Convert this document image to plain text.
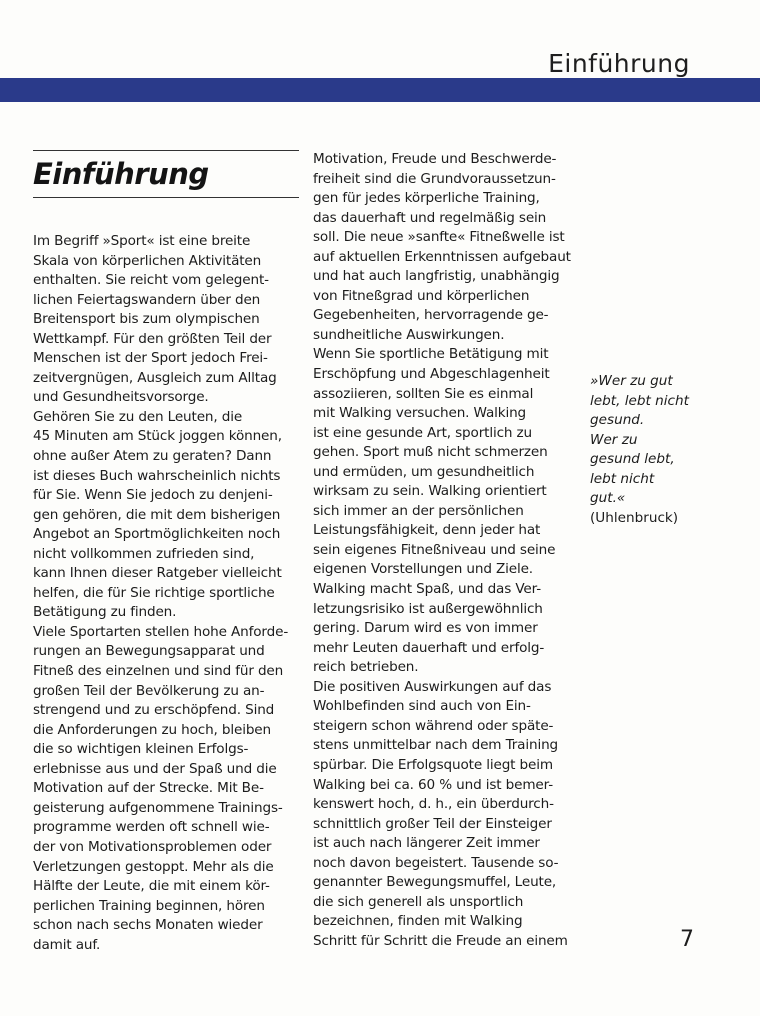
Einführung
Einführung
Im Begriff »Sport« ist eine breite
Skala von körperlichen Aktivitäten
enthalten. Sie reicht vom gelegent-
lichen Feiertagswandern über den
Breitensport bis zum olympischen
Wettkampf. Für den größten Teil der
Menschen ist der Sport jedoch Frei-
zeitvergnügen, Ausgleich zum Alltag
und Gesundheitsvorsorge.
Gehören Sie zu den Leuten, die
45 Minuten am Stück joggen können,
ohne außer Atem zu geraten? Dann
ist dieses Buch wahrscheinlich nichts
für Sie. Wenn Sie jedoch zu denjeni-
gen gehören, die mit dem bisherigen
Angebot an Sportmöglichkeiten noch
nicht vollkommen zufrieden sind,
kann Ihnen dieser Ratgeber vielleicht
helfen, die für Sie richtige sportliche
Betätigung zu finden.
Viele Sportarten stellen hohe Anforde-
rungen an Bewegungsapparat und
Fitneß des einzelnen und sind für den
großen Teil der Bevölkerung zu an-
strengend und zu erschöpfend. Sind
die Anforderungen zu hoch, bleiben
die so wichtigen kleinen Erfolgs-
erlebnisse aus und der Spaß und die
Motivation auf der Strecke. Mit Be-
geisterung aufgenommene Trainings-
programme werden oft schnell wie-
der von Motivationsproblemen oder
Verletzungen gestoppt. Mehr als die
Hälfte der Leute, die mit einem kör-
perlichen Training beginnen, hören
schon nach sechs Monaten wieder
damit auf.
Motivation, Freude und Beschwerde-
freiheit sind die Grundvoraussetzun-
gen für jedes körperliche Training,
das dauerhaft und regelmäßig sein
soll. Die neue »sanfte« Fitneßwelle ist
auf aktuellen Erkenntnissen aufgebaut
und hat auch langfristig, unabhängig
von Fitneßgrad und körperlichen
Gegebenheiten, hervorragende ge-
sundheitliche Auswirkungen.
Wenn Sie sportliche Betätigung mit
Erschöpfung und Abgeschlagenheit
assoziieren, sollten Sie es einmal
mit Walking versuchen. Walking
ist eine gesunde Art, sportlich zu
gehen. Sport muß nicht schmerzen
und ermüden, um gesundheitlich
wirksam zu sein. Walking orientiert
sich immer an der persönlichen
Leistungsfähigkeit, denn jeder hat
sein eigenes Fitneßniveau und seine
eigenen Vorstellungen und Ziele.
Walking macht Spaß, und das Ver-
letzungsrisiko ist außergewöhnlich
gering. Darum wird es von immer
mehr Leuten dauerhaft und erfolg-
reich betrieben.
Die positiven Auswirkungen auf das
Wohlbefinden sind auch von Ein-
steigern schon während oder späte-
stens unmittelbar nach dem Training
spürbar. Die Erfolgsquote liegt beim
Walking bei ca. 60 % und ist bemer-
kenswert hoch, d. h., ein überdurch-
schnittlich großer Teil der Einsteiger
ist auch nach längerer Zeit immer
noch davon begeistert. Tausende so-
genannter Bewegungsmuffel, Leute,
die sich generell als unsportlich
bezeichnen, finden mit Walking
Schritt für Schritt die Freude an einem
»Wer zu gut
lebt, lebt nicht
gesund.
Wer zu
gesund lebt,
lebt nicht
gut.«
(Uhlenbruck)
7
